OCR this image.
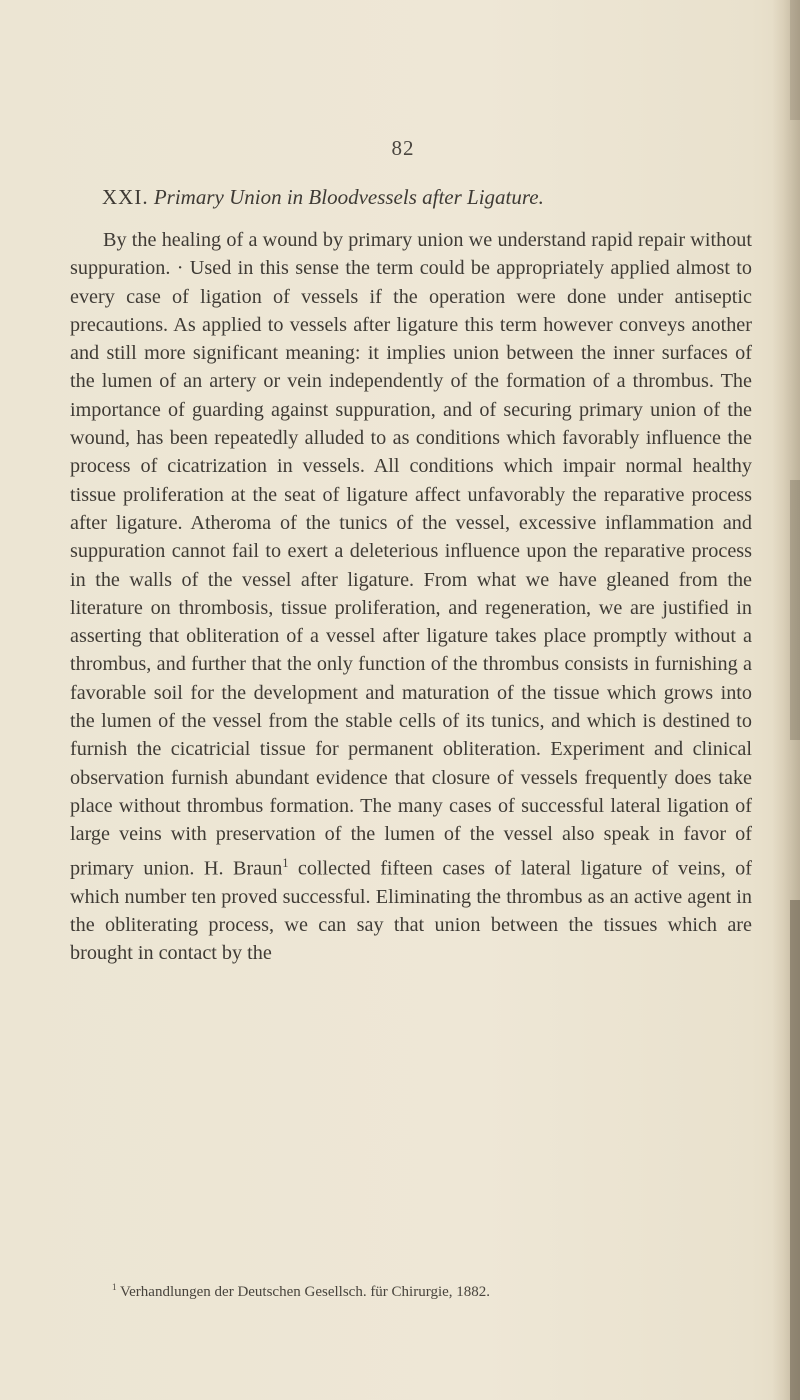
82
XXI. Primary Union in Bloodvessels after Ligature.
By the healing of a wound by primary union we understand rapid repair without suppuration. · Used in this sense the term could be appropriately applied almost to every case of ligation of vessels if the operation were done under antiseptic precautions. As applied to vessels after ligature this term however conveys another and still more significant meaning: it implies union between the inner surfaces of the lumen of an artery or vein independently of the formation of a thrombus. The importance of guarding against suppuration, and of securing primary union of the wound, has been repeatedly alluded to as conditions which favorably influence the process of cicatrization in vessels. All conditions which impair normal healthy tissue proliferation at the seat of ligature affect unfavorably the reparative process after ligature. Atheroma of the tunics of the vessel, excessive inflammation and suppuration cannot fail to exert a deleterious influence upon the reparative process in the walls of the vessel after ligature. From what we have gleaned from the literature on thrombosis, tissue proliferation, and regeneration, we are justified in asserting that obliteration of a vessel after ligature takes place promptly without a thrombus, and further that the only function of the thrombus consists in furnishing a favorable soil for the development and maturation of the tissue which grows into the lumen of the vessel from the stable cells of its tunics, and which is destined to furnish the cicatricial tissue for permanent obliteration. Experiment and clinical observation furnish abundant evidence that closure of vessels frequently does take place without thrombus formation. The many cases of successful lateral ligation of large veins with preservation of the lumen of the vessel also speak in favor of primary union. H. Braun$^1$ collected fifteen cases of lateral ligature of veins, of which number ten proved successful. Eliminating the thrombus as an active agent in the obliterating process, we can say that union between the tissues which are brought in contact by the
$^1$ Verhandlungen der Deutschen Gesellsch. für Chirurgie, 1882.
